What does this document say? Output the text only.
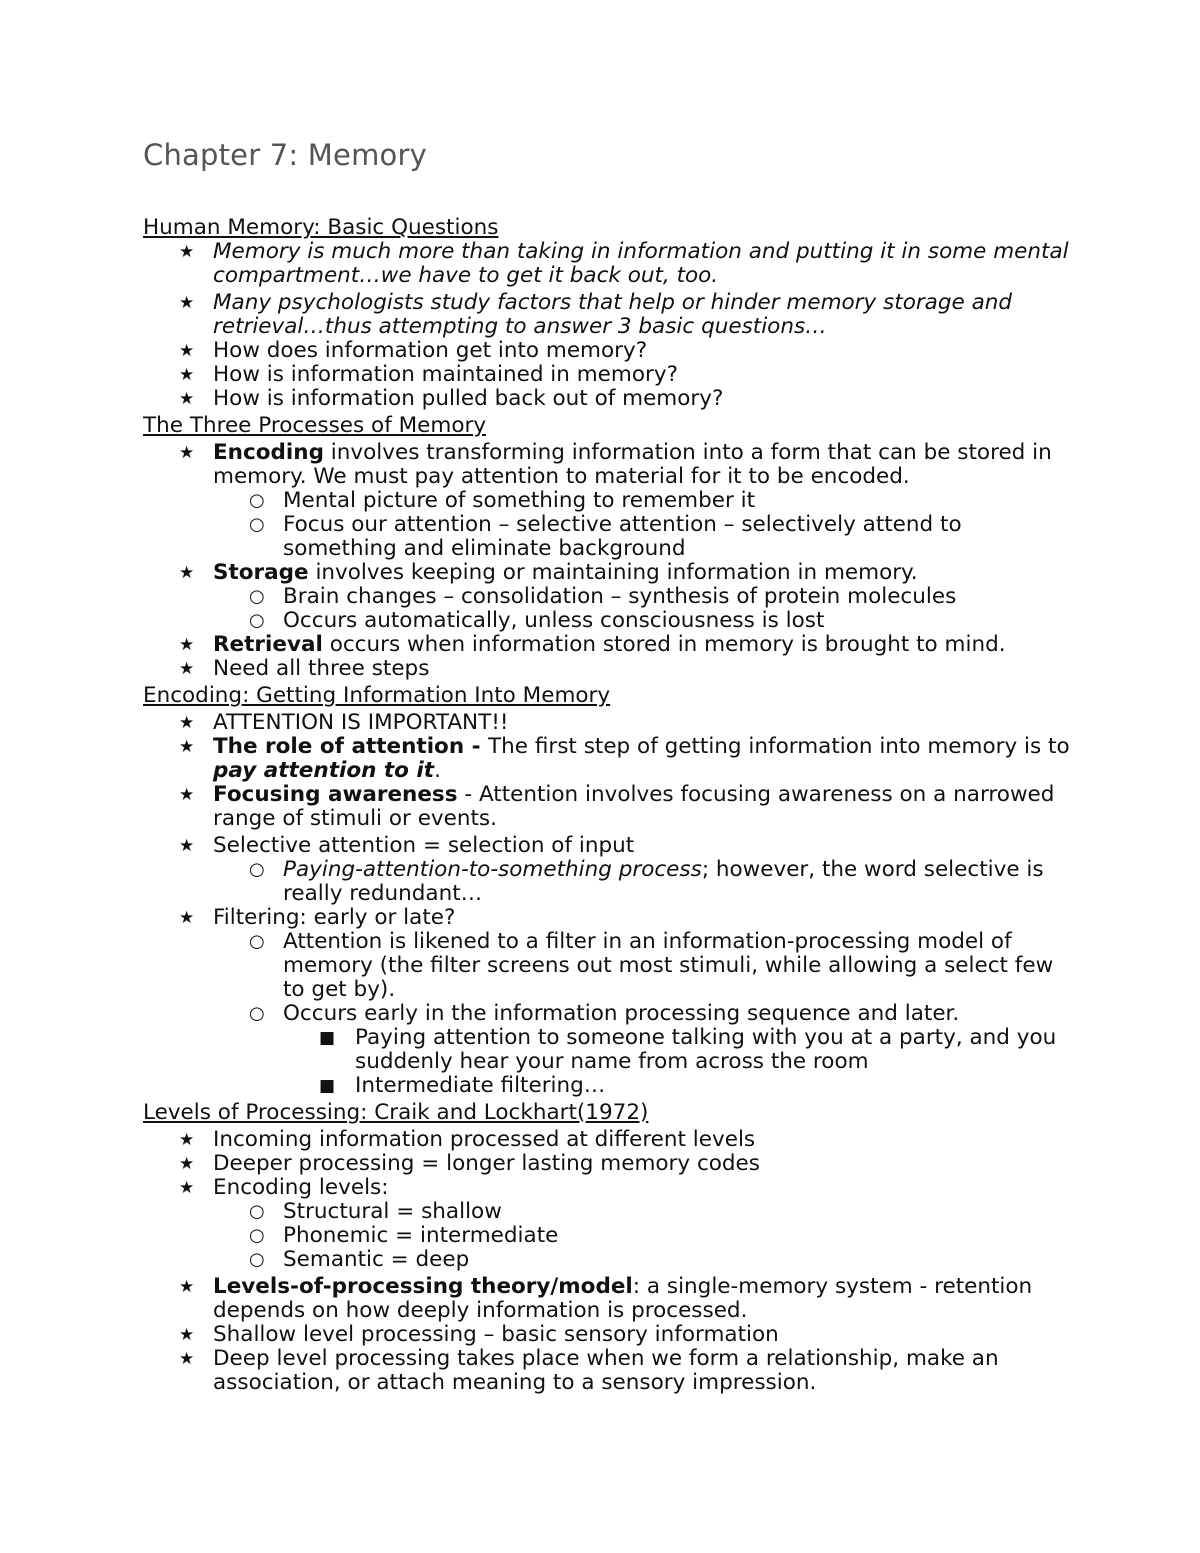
Chapter 7: Memory
Human Memory: Basic Questions
★ Memory is much more than taking in information and putting it in some mental compartment…we have to get it back out, too.
★ Many psychologists study factors that help or hinder memory storage and retrieval…thus attempting to answer 3 basic questions…
★ How does information get into memory?
★ How is information maintained in memory?
★ How is information pulled back out of memory?
The Three Processes of Memory
★ Encoding involves transforming information into a form that can be stored in memory. We must pay attention to material for it to be encoded.
○ Mental picture of something to remember it
○ Focus our attention – selective attention – selectively attend to something and eliminate background
★ Storage involves keeping or maintaining information in memory.
○ Brain changes – consolidation – synthesis of protein molecules
○ Occurs automatically, unless consciousness is lost
★ Retrieval occurs when information stored in memory is brought to mind.
★ Need all three steps
Encoding: Getting Information Into Memory
★ ATTENTION IS IMPORTANT!!
★ The role of attention - The first step of getting information into memory is to pay attention to it.
★ Focusing awareness - Attention involves focusing awareness on a narrowed range of stimuli or events.
★ Selective attention = selection of input
○ Paying-attention-to-something process; however, the word selective is really redundant…
★ Filtering: early or late?
○ Attention is likened to a filter in an information-processing model of memory (the filter screens out most stimuli, while allowing a select few to get by).
○ Occurs early in the information processing sequence and later.
■ Paying attention to someone talking with you at a party, and you suddenly hear your name from across the room
■ Intermediate filtering…
Levels of Processing: Craik and Lockhart(1972)
★ Incoming information processed at different levels
★ Deeper processing = longer lasting memory codes
★ Encoding levels:
○ Structural = shallow
○ Phonemic = intermediate
○ Semantic = deep
★ Levels-of-processing theory/model: a single-memory system - retention depends on how deeply information is processed.
★ Shallow level processing – basic sensory information
★ Deep level processing takes place when we form a relationship, make an association, or attach meaning to a sensory impression.
